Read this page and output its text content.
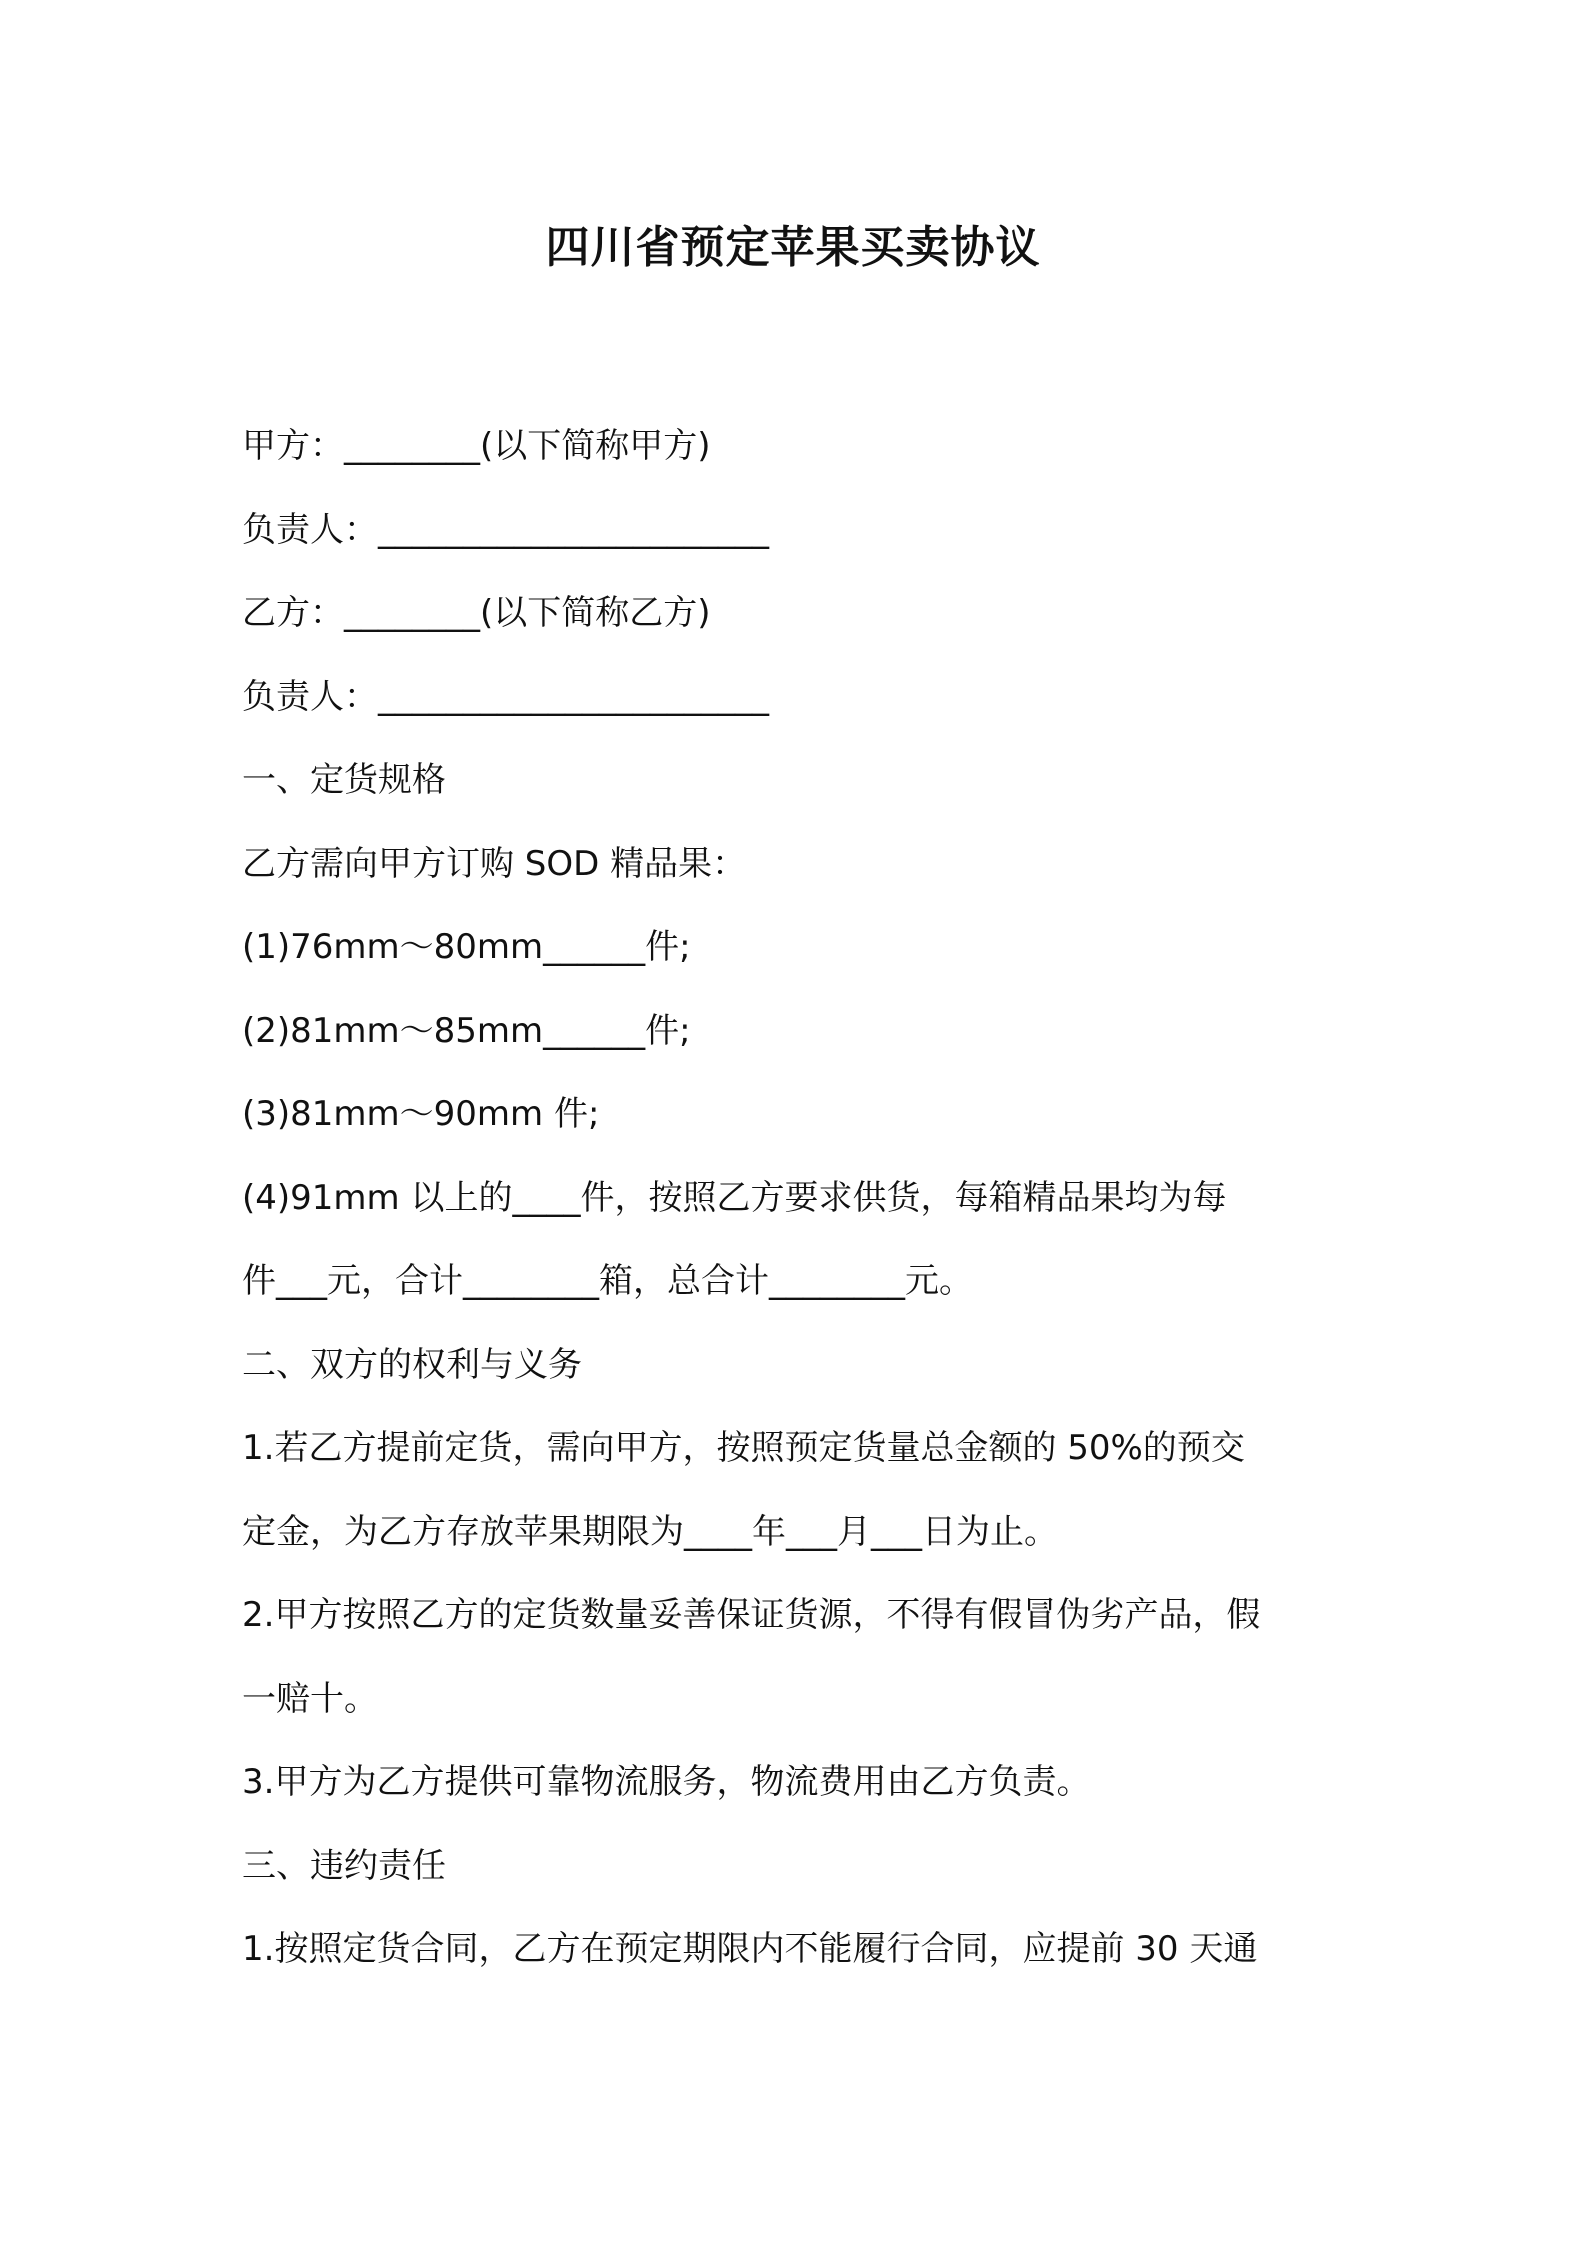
四川省预定苹果买卖协议

甲方：________(以下简称甲方)

负责人：_______________________

乙方：________(以下简称乙方)

负责人：_______________________

一、定货规格

乙方需向甲方订购 SOD 精品果：

(1)76mm～80mm______件;

(2)81mm～85mm______件;

(3)81mm～90mm 件;

(4)91mm 以上的____件，按照乙方要求供货，每箱精品果均为每

件___元，合计________箱，总合计________元。

二、双方的权利与义务

1.若乙方提前定货，需向甲方，按照预定货量总金额的 50%的预交

定金，为乙方存放苹果期限为____年___月___日为止。

2.甲方按照乙方的定货数量妥善保证货源，不得有假冒伪劣产品，假

一赔十。

3.甲方为乙方提供可靠物流服务，物流费用由乙方负责。

三、违约责任

1.按照定货合同，乙方在预定期限内不能履行合同，应提前 30 天通
